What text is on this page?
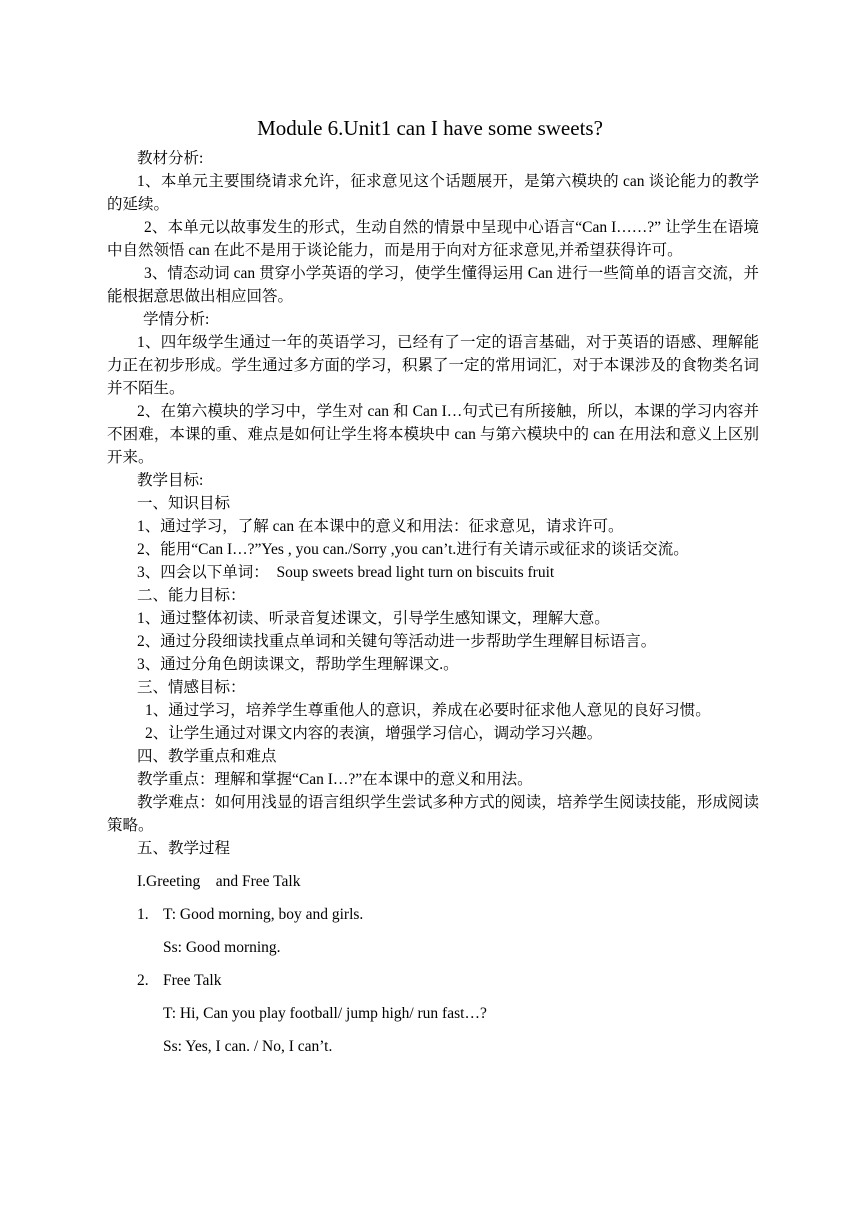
Module 6.Unit1 can I have some sweets?

教材分析:

1、本单元主要围绕请求允许，征求意见这个话题展开，是第六模块的 can 谈论能力的教学的延续。

2、本单元以故事发生的形式，生动自然的情景中呈现中心语言“Can I……?” 让学生在语境中自然领悟 can 在此不是用于谈论能力，而是用于向对方征求意见,并希望获得许可。

3、情态动词 can 贯穿小学英语的学习，使学生懂得运用 Can 进行一些简单的语言交流，并能根据意思做出相应回答。

学情分析:

1、四年级学生通过一年的英语学习，已经有了一定的语言基础，对于英语的语感、理解能力正在初步形成。学生通过多方面的学习，积累了一定的常用词汇，对于本课涉及的食物类名词并不陌生。

2、在第六模块的学习中，学生对 can 和 Can I…句式已有所接触，所以，本课的学习内容并不困难，本课的重、难点是如何让学生将本模块中 can 与第六模块中的 can 在用法和意义上区别开来。

教学目标:

一、知识目标

1、通过学习，了解 can 在本课中的意义和用法：征求意见，请求许可。

2、能用“Can I…?”Yes , you can./Sorry ,you can’t.进行有关请示或征求的谈话交流。

3、四会以下单词：  Soup sweets bread light turn on biscuits fruit

二、能力目标：

1、通过整体初读、听录音复述课文，引导学生感知课文，理解大意。

2、通过分段细读找重点单词和关键句等活动进一步帮助学生理解目标语言。

3、通过分角色朗读课文，帮助学生理解课文.。

三、情感目标：

1、通过学习，培养学生尊重他人的意识，养成在必要时征求他人意见的良好习惯。

2、让学生通过对课文内容的表演，增强学习信心，调动学习兴趣。

四、教学重点和难点

教学重点：理解和掌握“Can I…?”在本课中的意义和用法。

教学难点：如何用浅显的语言组织学生尝试多种方式的阅读，培养学生阅读技能，形成阅读策略。

五、教学过程

I.Greeting    and Free Talk

1. T: Good morning, boy and girls.

Ss: Good morning.

2. Free Talk

T: Hi, Can you play football/ jump high/ run fast…?

Ss: Yes, I can. / No, I can’t.
